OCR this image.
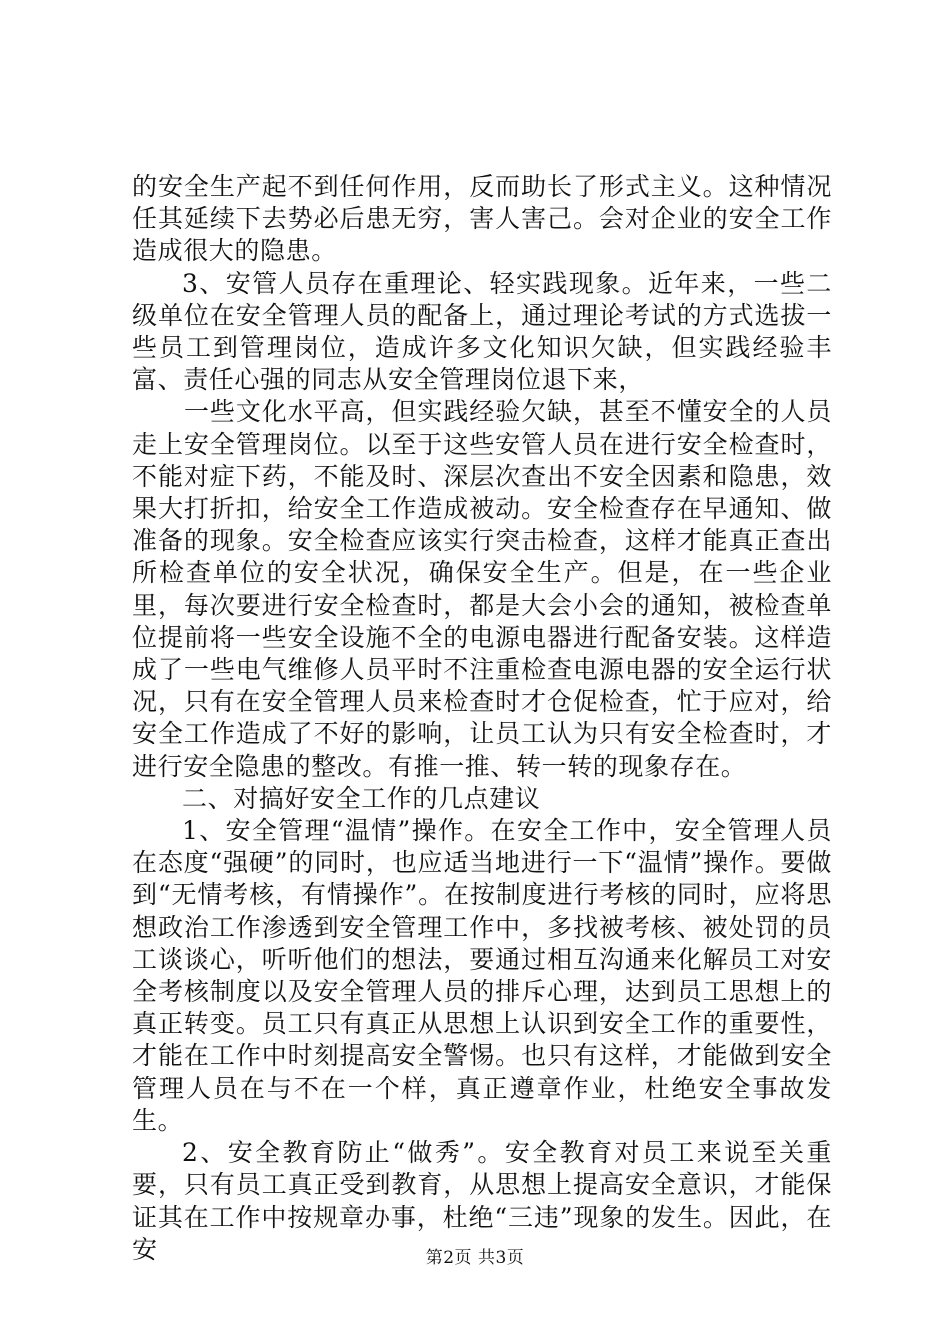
的安全生产起不到任何作用，反而助长了形式主义。这种情况任其延续下去势必后患无穷，害人害己。会对企业的安全工作造成很大的隐患。

3、安管人员存在重理论、轻实践现象。近年来，一些二级单位在安全管理人员的配备上，通过理论考试的方式选拔一些员工到管理岗位，造成许多文化知识欠缺，但实践经验丰富、责任心强的同志从安全管理岗位退下来，

一些文化水平高，但实践经验欠缺，甚至不懂安全的人员走上安全管理岗位。以至于这些安管人员在进行安全检查时，不能对症下药，不能及时、深层次查出不安全因素和隐患，效果大打折扣，给安全工作造成被动。安全检查存在早通知、做准备的现象。安全检查应该实行突击检查，这样才能真正查出所检查单位的安全状况，确保安全生产。但是，在一些企业里，每次要进行安全检查时，都是大会小会的通知，被检查单位提前将一些安全设施不全的电源电器进行配备安装。这样造成了一些电气维修人员平时不注重检查电源电器的安全运行状况，只有在安全管理人员来检查时才仓促检查，忙于应对，给安全工作造成了不好的影响，让员工认为只有安全检查时，才进行安全隐患的整改。有推一推、转一转的现象存在。

二、对搞好安全工作的几点建议

1、安全管理“温情”操作。在安全工作中，安全管理人员在态度“强硬”的同时，也应适当地进行一下“温情”操作。要做到“无情考核，有情操作”。在按制度进行考核的同时，应将思想政治工作渗透到安全管理工作中，多找被考核、被处罚的员工谈谈心，听听他们的想法，要通过相互沟通来化解员工对安全考核制度以及安全管理人员的排斥心理，达到员工思想上的真正转变。员工只有真正从思想上认识到安全工作的重要性，才能在工作中时刻提高安全警惕。也只有这样，才能做到安全管理人员在与不在一个样，真正遵章作业，杜绝安全事故发生。

2、安全教育防止“做秀”。安全教育对员工来说至关重要，只有员工真正受到教育，从思想上提高安全意识，才能保证其在工作中按规章办事，杜绝“三违”现象的发生。因此，在安	第2页 共3页
